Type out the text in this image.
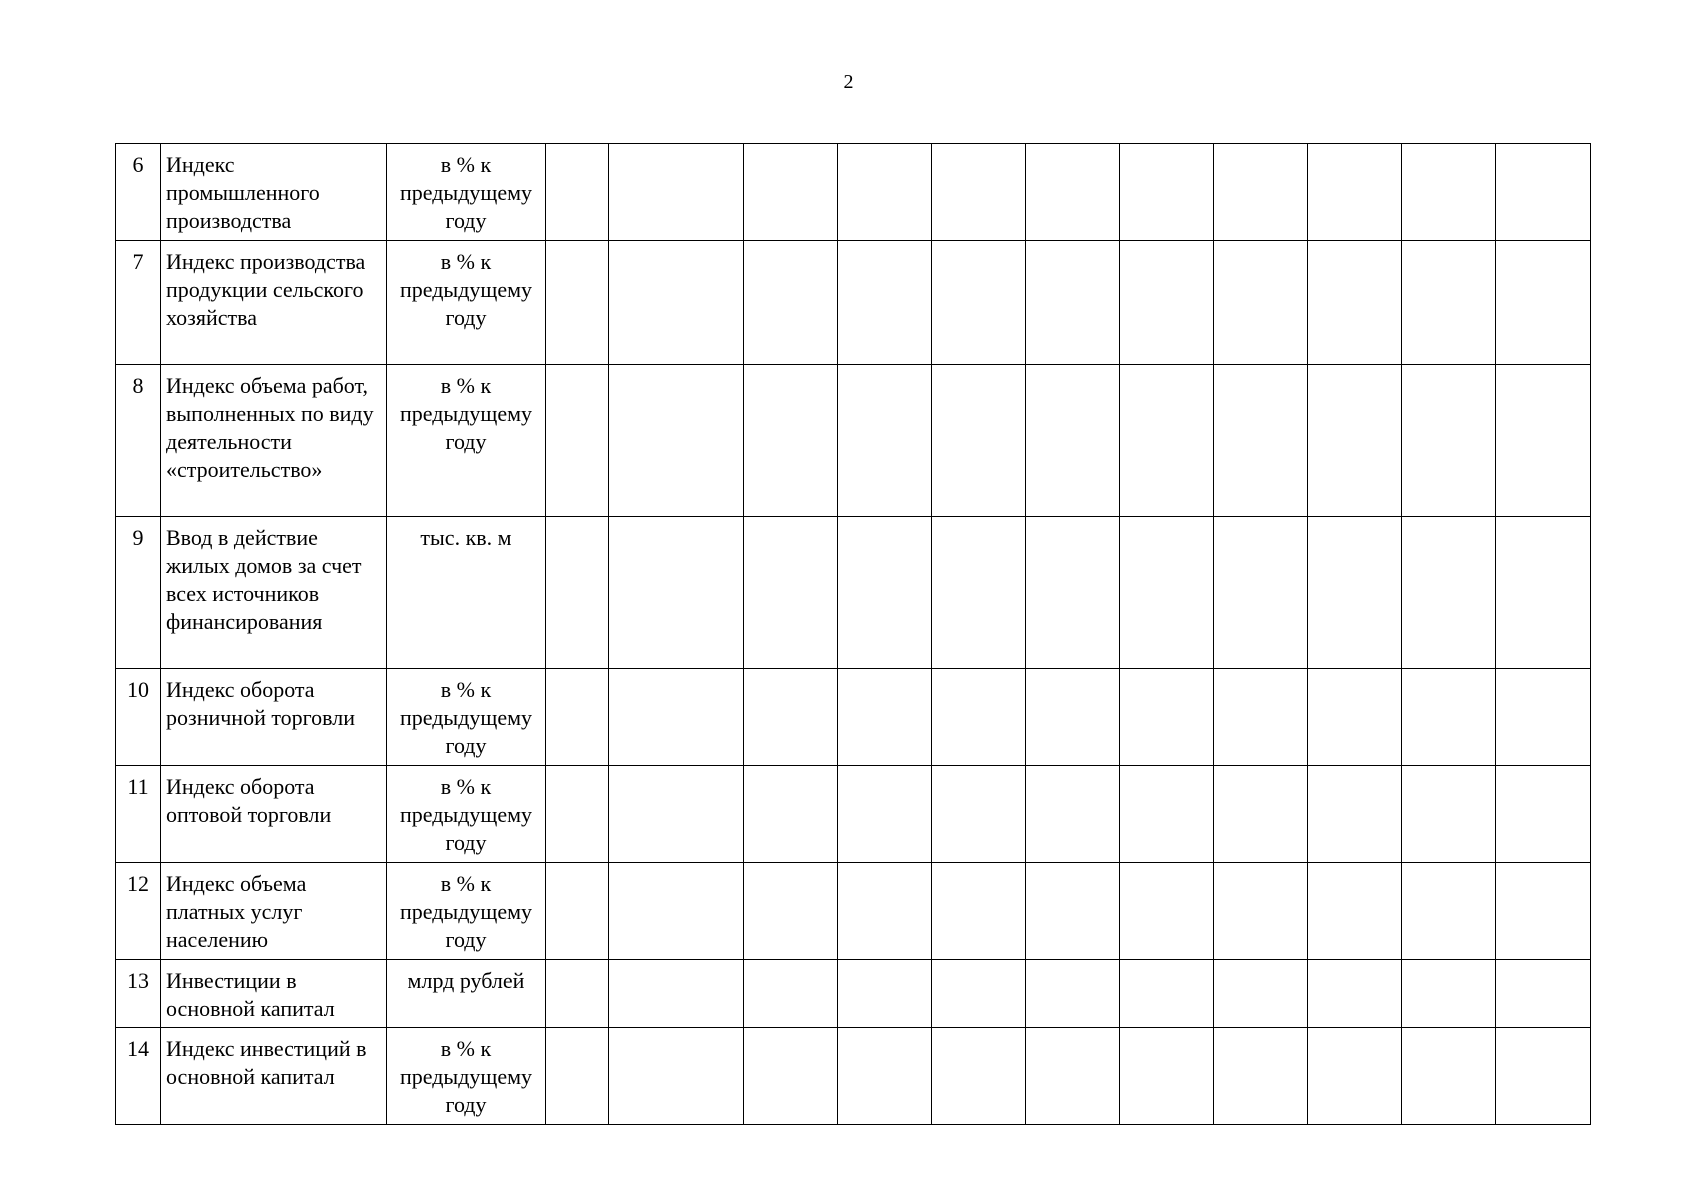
2
6	Индекс промышленного производства	в % к предыдущему году											
7	Индекс производства продукции сельского хозяйства	в % к предыдущему году											
8	Индекс объема работ, выполненных по виду деятельности «строительство»	в % к предыдущему году											
9	Ввод в действие жилых домов за счет всех источников финансирования	тыс. кв. м											
10	Индекс оборота розничной торговли	в % к предыдущему году											
11	Индекс оборота оптовой торговли	в % к предыдущему году											
12	Индекс объема платных услуг населению	в % к предыдущему году											
13	Инвестиции в основной капитал	млрд рублей											
14	Индекс инвестиций в основной капитал	в % к предыдущему году											
